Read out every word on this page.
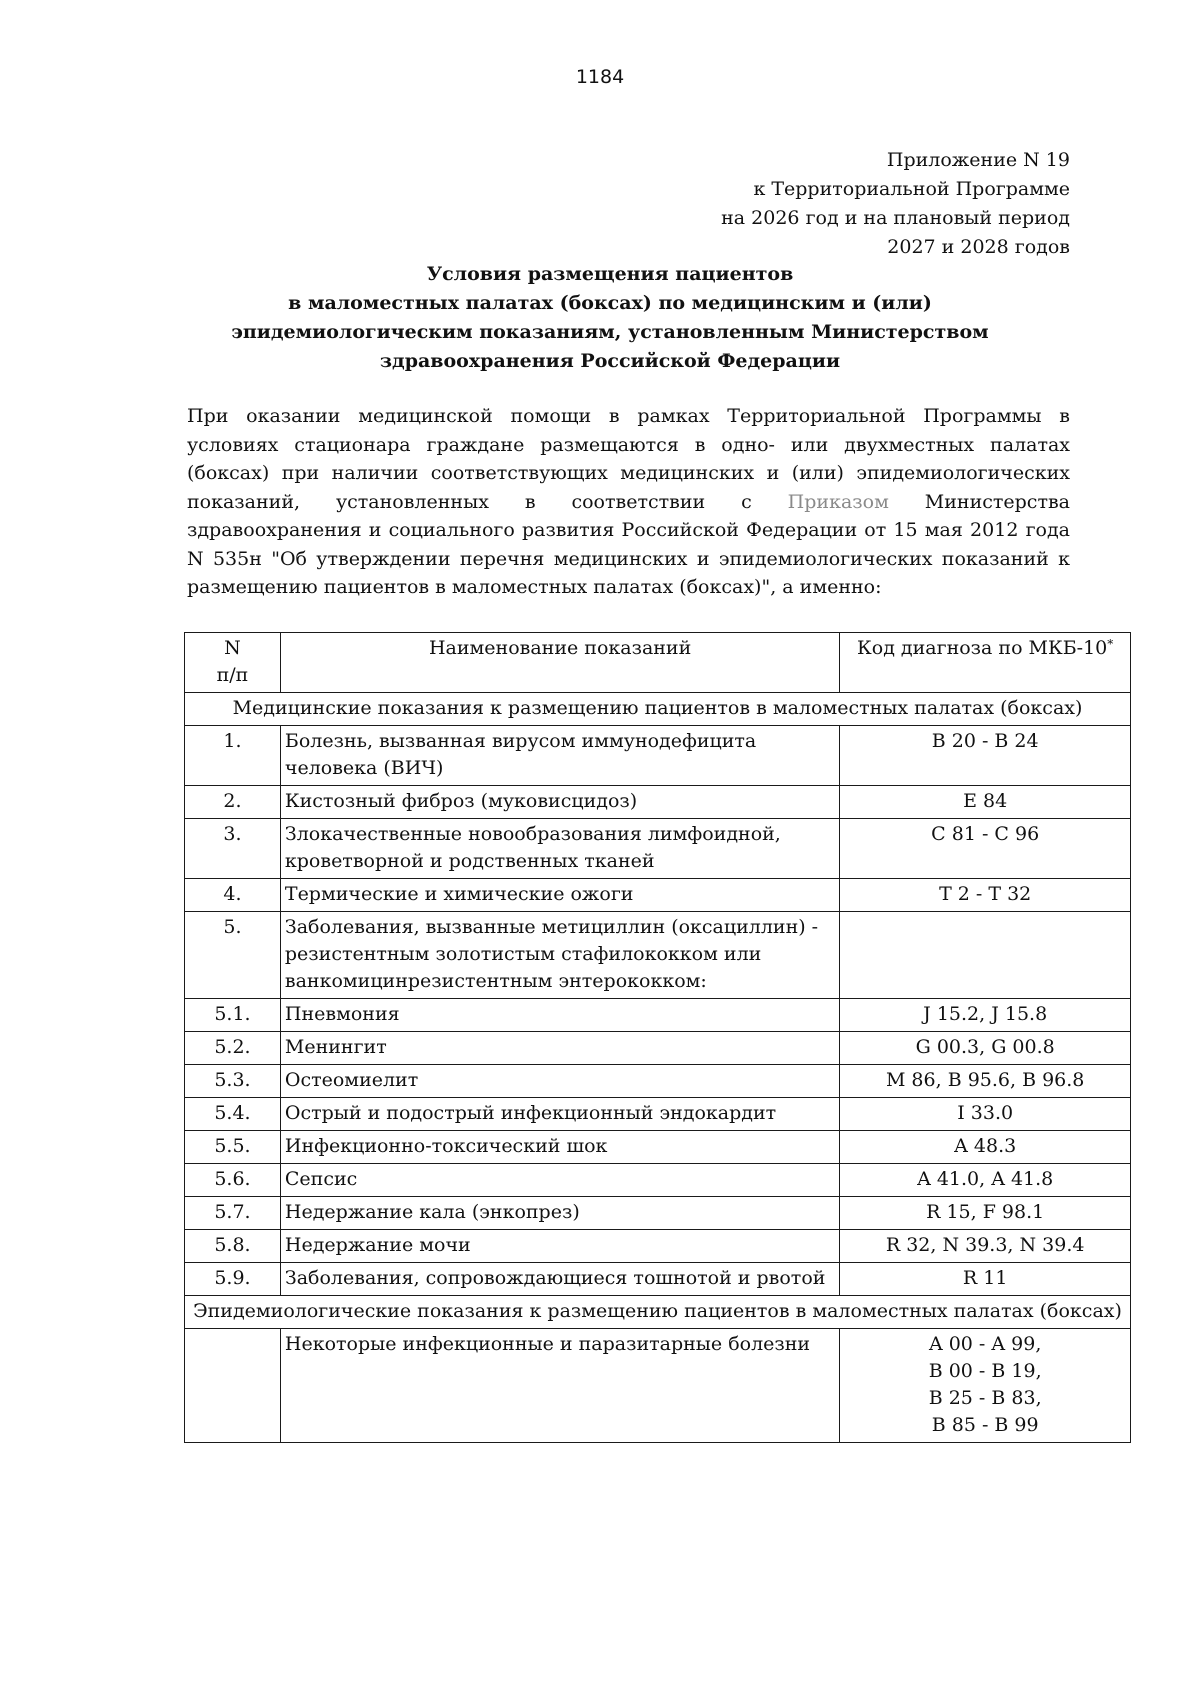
1184
Приложение N 19
к Территориальной Программе
на 2026 год и на плановый период
2027 и 2028 годов
Условия размещения пациентов
в маломестных палатах (боксах) по медицинским и (или) эпидемиологическим показаниям, установленным Министерством здравоохранения Российской Федерации

При оказании медицинской помощи в рамках Территориальной Программы в условиях стационара граждане размещаются в одно- или двухместных палатах (боксах) при наличии соответствующих медицинских и (или) эпидемиологических показаний, установленных в соответствии с Приказом Министерства здравоохранения и социального развития Российской Федерации от 15 мая 2012 года N 535н "Об утверждении перечня медицинских и эпидемиологических показаний к размещению пациентов в маломестных палатах (боксах)", а именно:

N
п/п	Наименование показаний	Код диагноза по МКБ-10*
Медицинские показания к размещению пациентов в маломестных палатах (боксах)		
1.	Болезнь, вызванная вирусом иммунодефицита человека (ВИЧ)	B 20 - B 24
2.	Кистозный фиброз (муковисцидоз)	E 84
3.	Злокачественные новообразования лимфоидной, кроветворной и родственных тканей	C 81 - C 96
4.	Термические и химические ожоги	T 2 - T 32
5.	Заболевания, вызванные метициллин (оксациллин) - резистентным золотистым стафилококком или ванкомицинрезистентным энтерококком:	
5.1.	Пневмония	J 15.2, J 15.8
5.2.	Менингит	G 00.3, G 00.8
5.3.	Остеомиелит	M 86, B 95.6, B 96.8
5.4.	Острый и подострый инфекционный эндокардит	I 33.0
5.5.	Инфекционно-токсический шок	A 48.3
5.6.	Сепсис	A 41.0, A 41.8
5.7.	Недержание кала (энкопрез)	R 15, F 98.1
5.8.	Недержание мочи	R 32, N 39.3, N 39.4
5.9.	Заболевания, сопровождающиеся тошнотой и рвотой	R 11
Эпидемиологические показания к размещению пациентов в маломестных палатах (боксах)		
	Некоторые инфекционные и паразитарные болезни	A 00 - A 99,
B 00 - B 19,
B 25 - B 83,
B 85 - B 99
